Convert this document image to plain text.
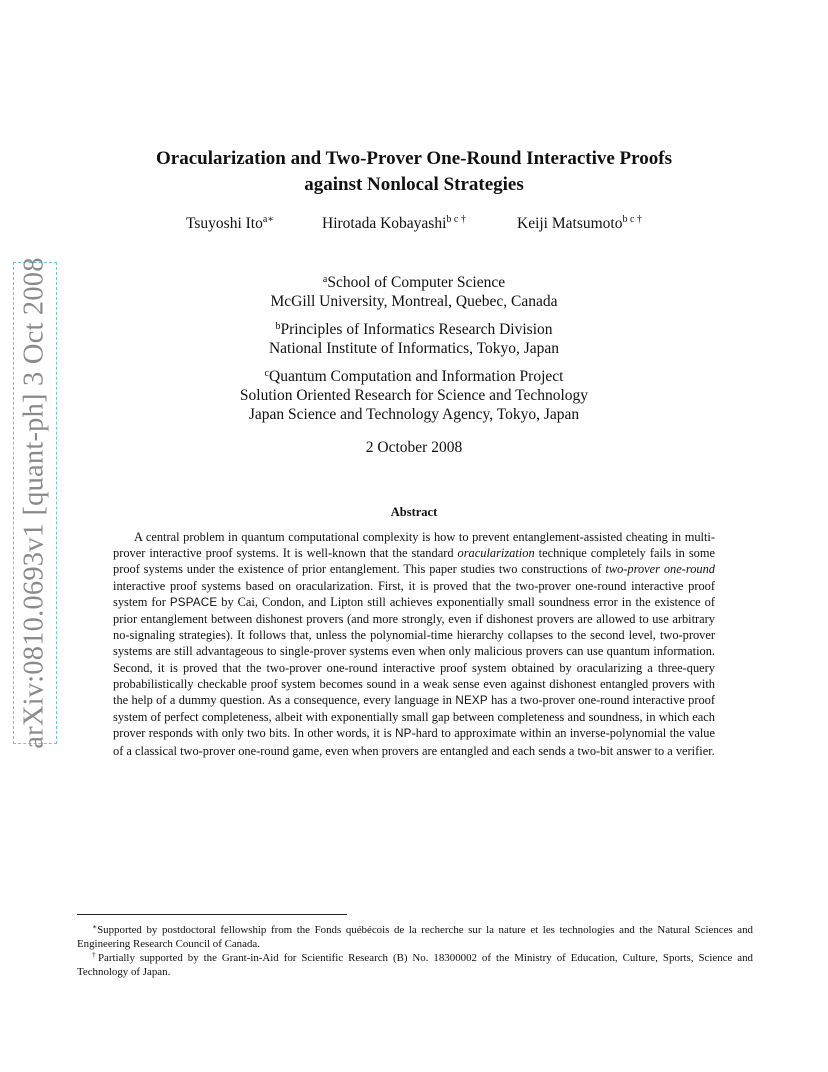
arXiv:0810.0693v1 [quant-ph] 3 Oct 2008
Oracularization and Two-Prover One-Round Interactive Proofs
against Nonlocal Strategies
Tsuyoshi Ito$^{a∗}$	Hirotada Kobayashi$^{b c \dagger}$	Keiji Matsumoto$^{b c \dagger}$
$^a$School of Computer Science
McGill University, Montreal, Quebec, Canada
$^b$Principles of Informatics Research Division
National Institute of Informatics, Tokyo, Japan
$^c$Quantum Computation and Information Project
Solution Oriented Research for Science and Technology
Japan Science and Technology Agency, Tokyo, Japan
2 October 2008
Abstract
A central problem in quantum computational complexity is how to prevent entanglement-assisted cheating in multi-prover interactive proof systems. It is well-known that the standard oracularization technique completely fails in some proof systems under the existence of prior entanglement. This paper studies two constructions of two-prover one-round interactive proof systems based on oracularization. First, it is proved that the two-prover one-round interactive proof system for PSPACE by Cai, Condon, and Lipton still achieves exponentially small soundness error in the existence of prior entanglement between dishonest provers (and more strongly, even if dishonest provers are allowed to use arbitrary no-signaling strategies). It follows that, unless the polynomial-time hierarchy collapses to the second level, two-prover systems are still advantageous to single-prover systems even when only malicious provers can use quantum information. Second, it is proved that the two-prover one-round interactive proof system obtained by oracularizing a three-query probabilistically checkable proof system becomes sound in a weak sense even against dishonest entangled provers with the help of a dummy question. As a consequence, every language in NEXP has a two-prover one-round interactive proof system of perfect completeness, albeit with exponentially small gap between completeness and soundness, in which each prover responds with only two bits. In other words, it is NP-hard to approximate within an inverse-polynomial the value of a classical two-prover one-round game, even when provers are entangled and each sends a two-bit answer to a verifier.
∗Supported by postdoctoral fellowship from the Fonds québécois de la recherche sur la nature et les technologies and the Natural Sciences and Engineering Research Council of Canada.
†Partially supported by the Grant-in-Aid for Scientific Research (B) No. 18300002 of the Ministry of Education, Culture, Sports, Science and Technology of Japan.
